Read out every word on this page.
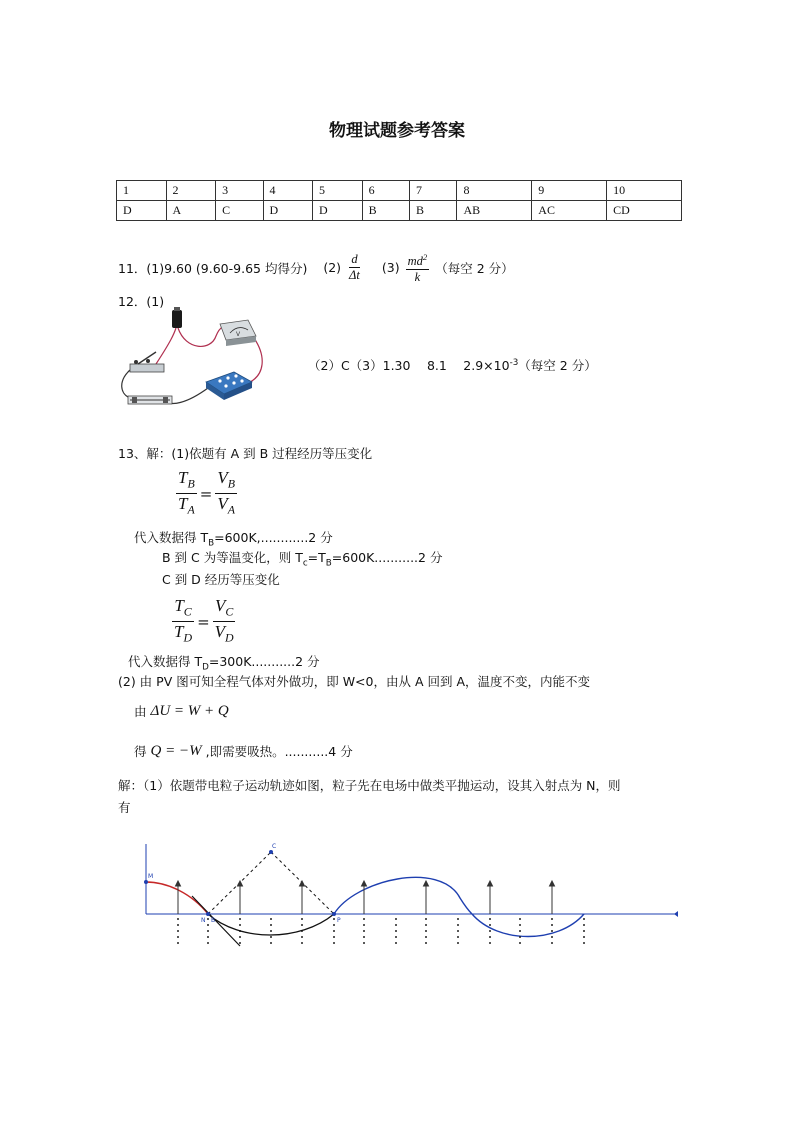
物理试题参考答案
1	2	3	4	5	6	7	8	9	10
D	A	C	D	D	B	B	AB	AC	CD
11．(1)9.60 (9.60-9.65 均得分) $(2) \frac{d}{\Delta t} (3) \frac{md^2}{k}$ （每空 2 分）
12．(1)
V
（2）C（3）1.30　 8.1　 $2.9\times 10^{-3}$（每空 2 分）
13、解：(1)依题有 A 到 B 过程经历等压变化
$\frac{T_B}{T_A} = \frac{V_B}{V_A}$
代入数据得 $T_B=600K,............2$ 分
B 到 C 为等温变化，则 $T_c=T_B=600K...........2$ 分
C 到 D 经历等压变化
$\frac{T_C}{T_D} = \frac{V_C}{V_D}$
代入数据得 $T_D=300K...........2$ 分
(2) 由 PV 图可知全程气体对外做功，即 W<0，由从 A 回到 A，温度不变，内能不变
由 ΔU = W + Q
得 Q = −W ,即需要吸热。...........4 分
解：（1）依题带电粒子运动轨迹如图，粒子先在电场中做类平抛运动，设其入射点为 N，则
有
M
C
N B	P
